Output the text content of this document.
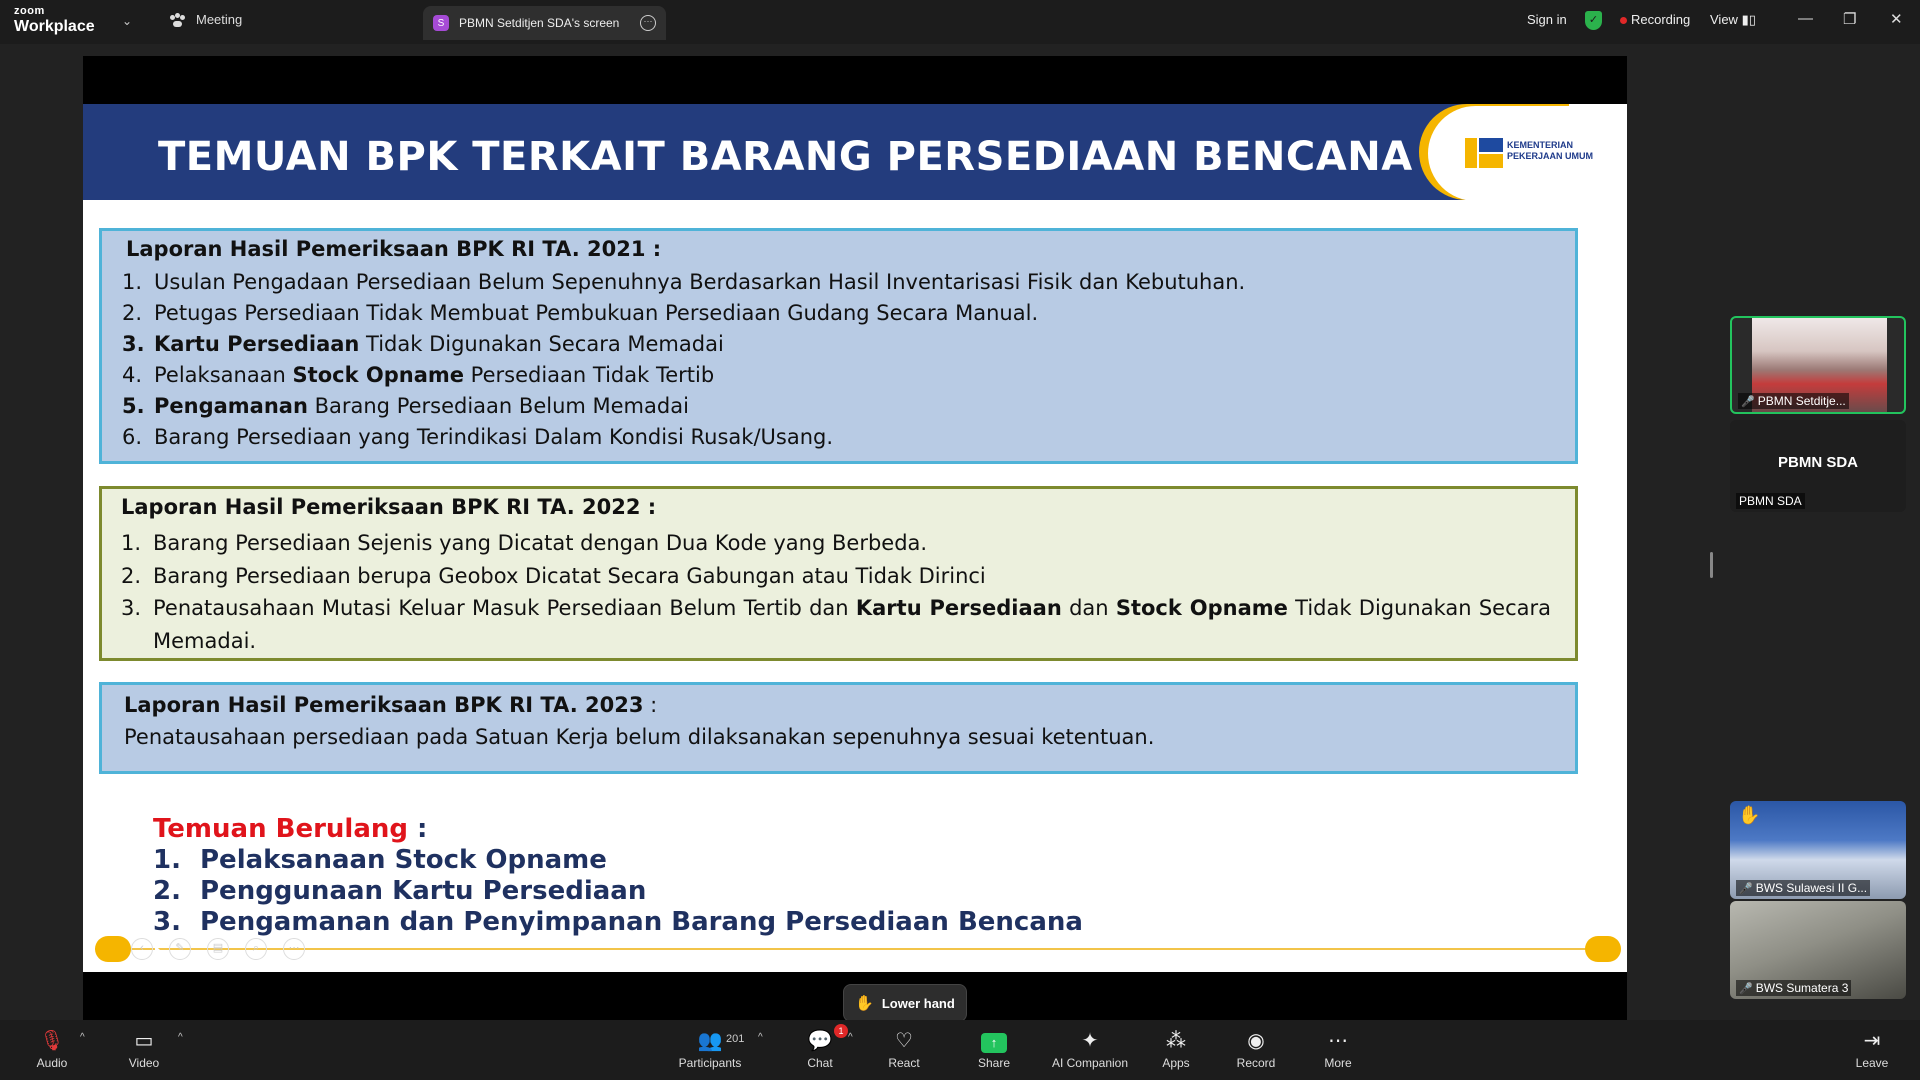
zoom
Workplace ⌄	Meeting	S	PBMN Setditjen SDA's screen	···	Sign in	✓	Recording View ▮▯	— ❐ ✕
TEMUAN BPK TERKAIT BARANG PERSEDIAAN BENCANA	KEMENTERIAN
PEKERJAAN UMUM
Laporan Hasil Pemeriksaan BPK RI TA. 2021 :
1. Usulan Pengadaan Persediaan Belum Sepenuhnya Berdasarkan Hasil Inventarisasi Fisik dan Kebutuhan.
2. Petugas Persediaan Tidak Membuat Pembukuan Persediaan Gudang Secara Manual.
3. Kartu Persediaan Tidak Digunakan Secara Memadai
4. Pelaksanaan Stock Opname Persediaan Tidak Tertib
5. Pengamanan Barang Persediaan Belum Memadai
6. Barang Persediaan yang Terindikasi Dalam Kondisi Rusak/Usang.
Laporan Hasil Pemeriksaan BPK RI TA. 2022 :
1. Barang Persediaan Sejenis yang Dicatat dengan Dua Kode yang Berbeda.
2. Barang Persediaan berupa Geobox Dicatat Secara Gabungan atau Tidak Dirinci
3. Penatausahaan Mutasi Keluar Masuk Persediaan Belum Tertib dan Kartu Persediaan dan Stock Opname Tidak Digunakan Secara Memadai.
Laporan Hasil Pemeriksaan BPK RI TA. 2023 :
Penatausahaan persediaan pada Satuan Kerja belum dilaksanakan sepenuhnya sesuai ketentuan.
Temuan Berulang :
1. Pelaksanaan Stock Opname
2. Penggunaan Kartu Persediaan
3. Pengamanan dan Penyimpanan Barang Persediaan Bencana
‹	✎	▤	⌕	⋯
🎤 PBMN Setditje...
PBMN SDA
PBMN SDA
✋
🎤 BWS Sulawesi II G...
🎤 BWS Sumatera 3
✋ Lower hand
🎙
Audio
^	▭
Video
^	👥 201
Participants
^	💬 1
Chat
^	♡
React
↑
Share
✦
AI Companion
⁂
Apps
◉
Record
⋯
More
⇥
Leave
